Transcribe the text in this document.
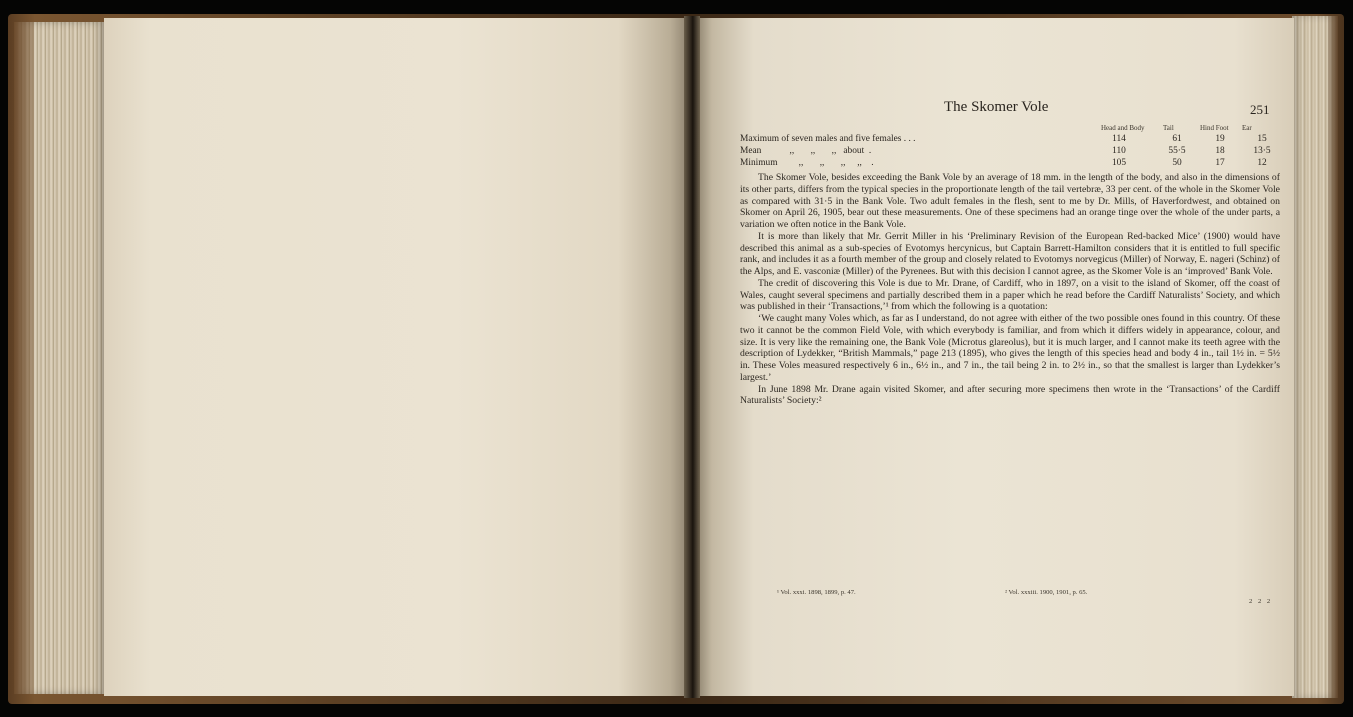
The Skomer Vole	251
Head and Body	Tail	Hind Foot Ear
Maximum of seven males and five females . . .	114	61	19	15
Mean            ,,       ,,       ,,   about  .	110	55·5	18	13·5
Minimum         ,,       ,,       ,,     ,,    .	105	50	17	12

The Skomer Vole, besides exceeding the Bank Vole by an average of 18 mm. in the length of the body, and also in the dimensions of its other parts, differs from the typical species in the proportionate length of the tail vertebræ, 33 per cent. of the whole in the Skomer Vole as compared with 31·5 in the Bank Vole. Two adult females in the flesh, sent to me by Dr. Mills, of Haverfordwest, and obtained on Skomer on April 26, 1905, bear out these measurements. One of these specimens had an orange tinge over the whole of the under parts, a variation we often notice in the Bank Vole.

It is more than likely that Mr. Gerrit Miller in his ‘Preliminary Revision of the European Red-backed Mice’ (1900) would have described this animal as a sub-species of Evotomys hercynicus, but Captain Barrett-Hamilton considers that it is entitled to full specific rank, and includes it as a fourth member of the group and closely related to Evotomys norvegicus (Miller) of Norway, E. nageri (Schinz) of the Alps, and E. vasconiæ (Miller) of the Pyrenees. But with this decision I cannot agree, as the Skomer Vole is an ‘improved’ Bank Vole.

The credit of discovering this Vole is due to Mr. Drane, of Cardiff, who in 1897, on a visit to the island of Skomer, off the coast of Wales, caught several specimens and partially described them in a paper which he read before the Cardiff Naturalists’ Society, and which was published in their ‘Transactions,’¹ from which the following is a quotation:

‘We caught many Voles which, as far as I understand, do not agree with either of the two possible ones found in this country. Of these two it cannot be the common Field Vole, with which everybody is familiar, and from which it differs widely in appearance, colour, and size. It is very like the remaining one, the Bank Vole (Microtus glareolus), but it is much larger, and I cannot make its teeth agree with the description of Lydekker, “British Mammals,” page 213 (1895), who gives the length of this species head and body 4 in., tail 1½ in. = 5½ in. These Voles measured respectively 6 in., 6½ in., and 7 in., the tail being 2 in. to 2½ in., so that the smallest is larger than Lydekker’s largest.’

In June 1898 Mr. Drane again visited Skomer, and after securing more specimens then wrote in the ‘Transactions’ of the Cardiff Naturalists’ Society:²

¹ Vol. xxxi. 1898, 1899, p. 47.	² Vol. xxxiii. 1900, 1901, p. 65.
2 2 2
